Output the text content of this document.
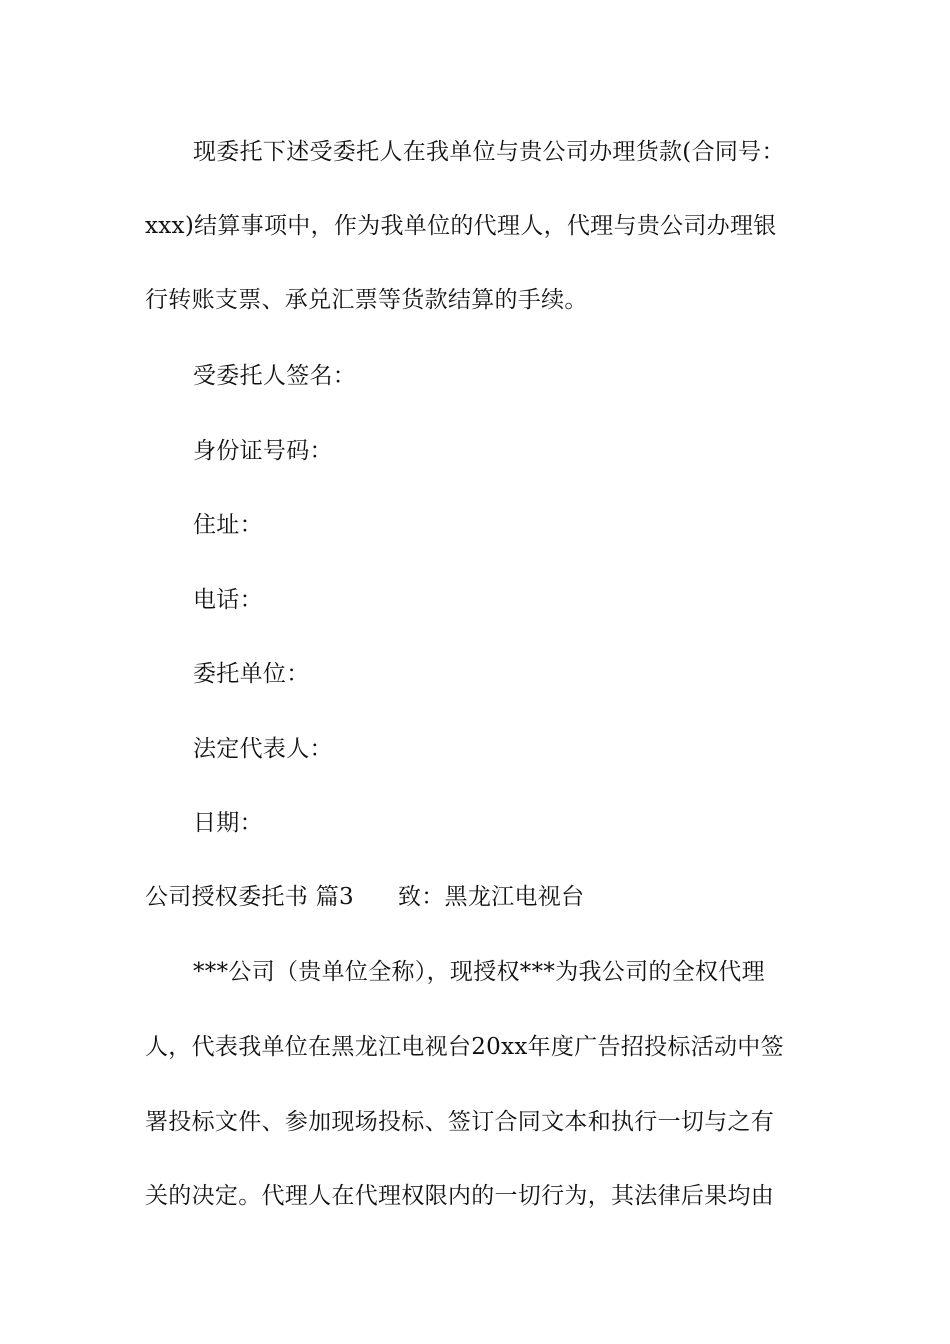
现委托下述受委托人在我单位与贵公司办理货款(合同号：
xxx)结算事项中，作为我单位的代理人，代理与贵公司办理银
行转账支票、承兑汇票等货款结算的手续。
受委托人签名：
身份证号码：
住址：
电话：
委托单位：
法定代表人：
日期：
公司授权委托书 篇3 致：黑龙江电视台
***公司（贵单位全称），现授权***为我公司的全权代理
人，代表我单位在黑龙江电视台20xx年度广告招投标活动中签
署投标文件、参加现场投标、签订合同文本和执行一切与之有
关的决定。代理人在代理权限内的一切行为，其法律后果均由
